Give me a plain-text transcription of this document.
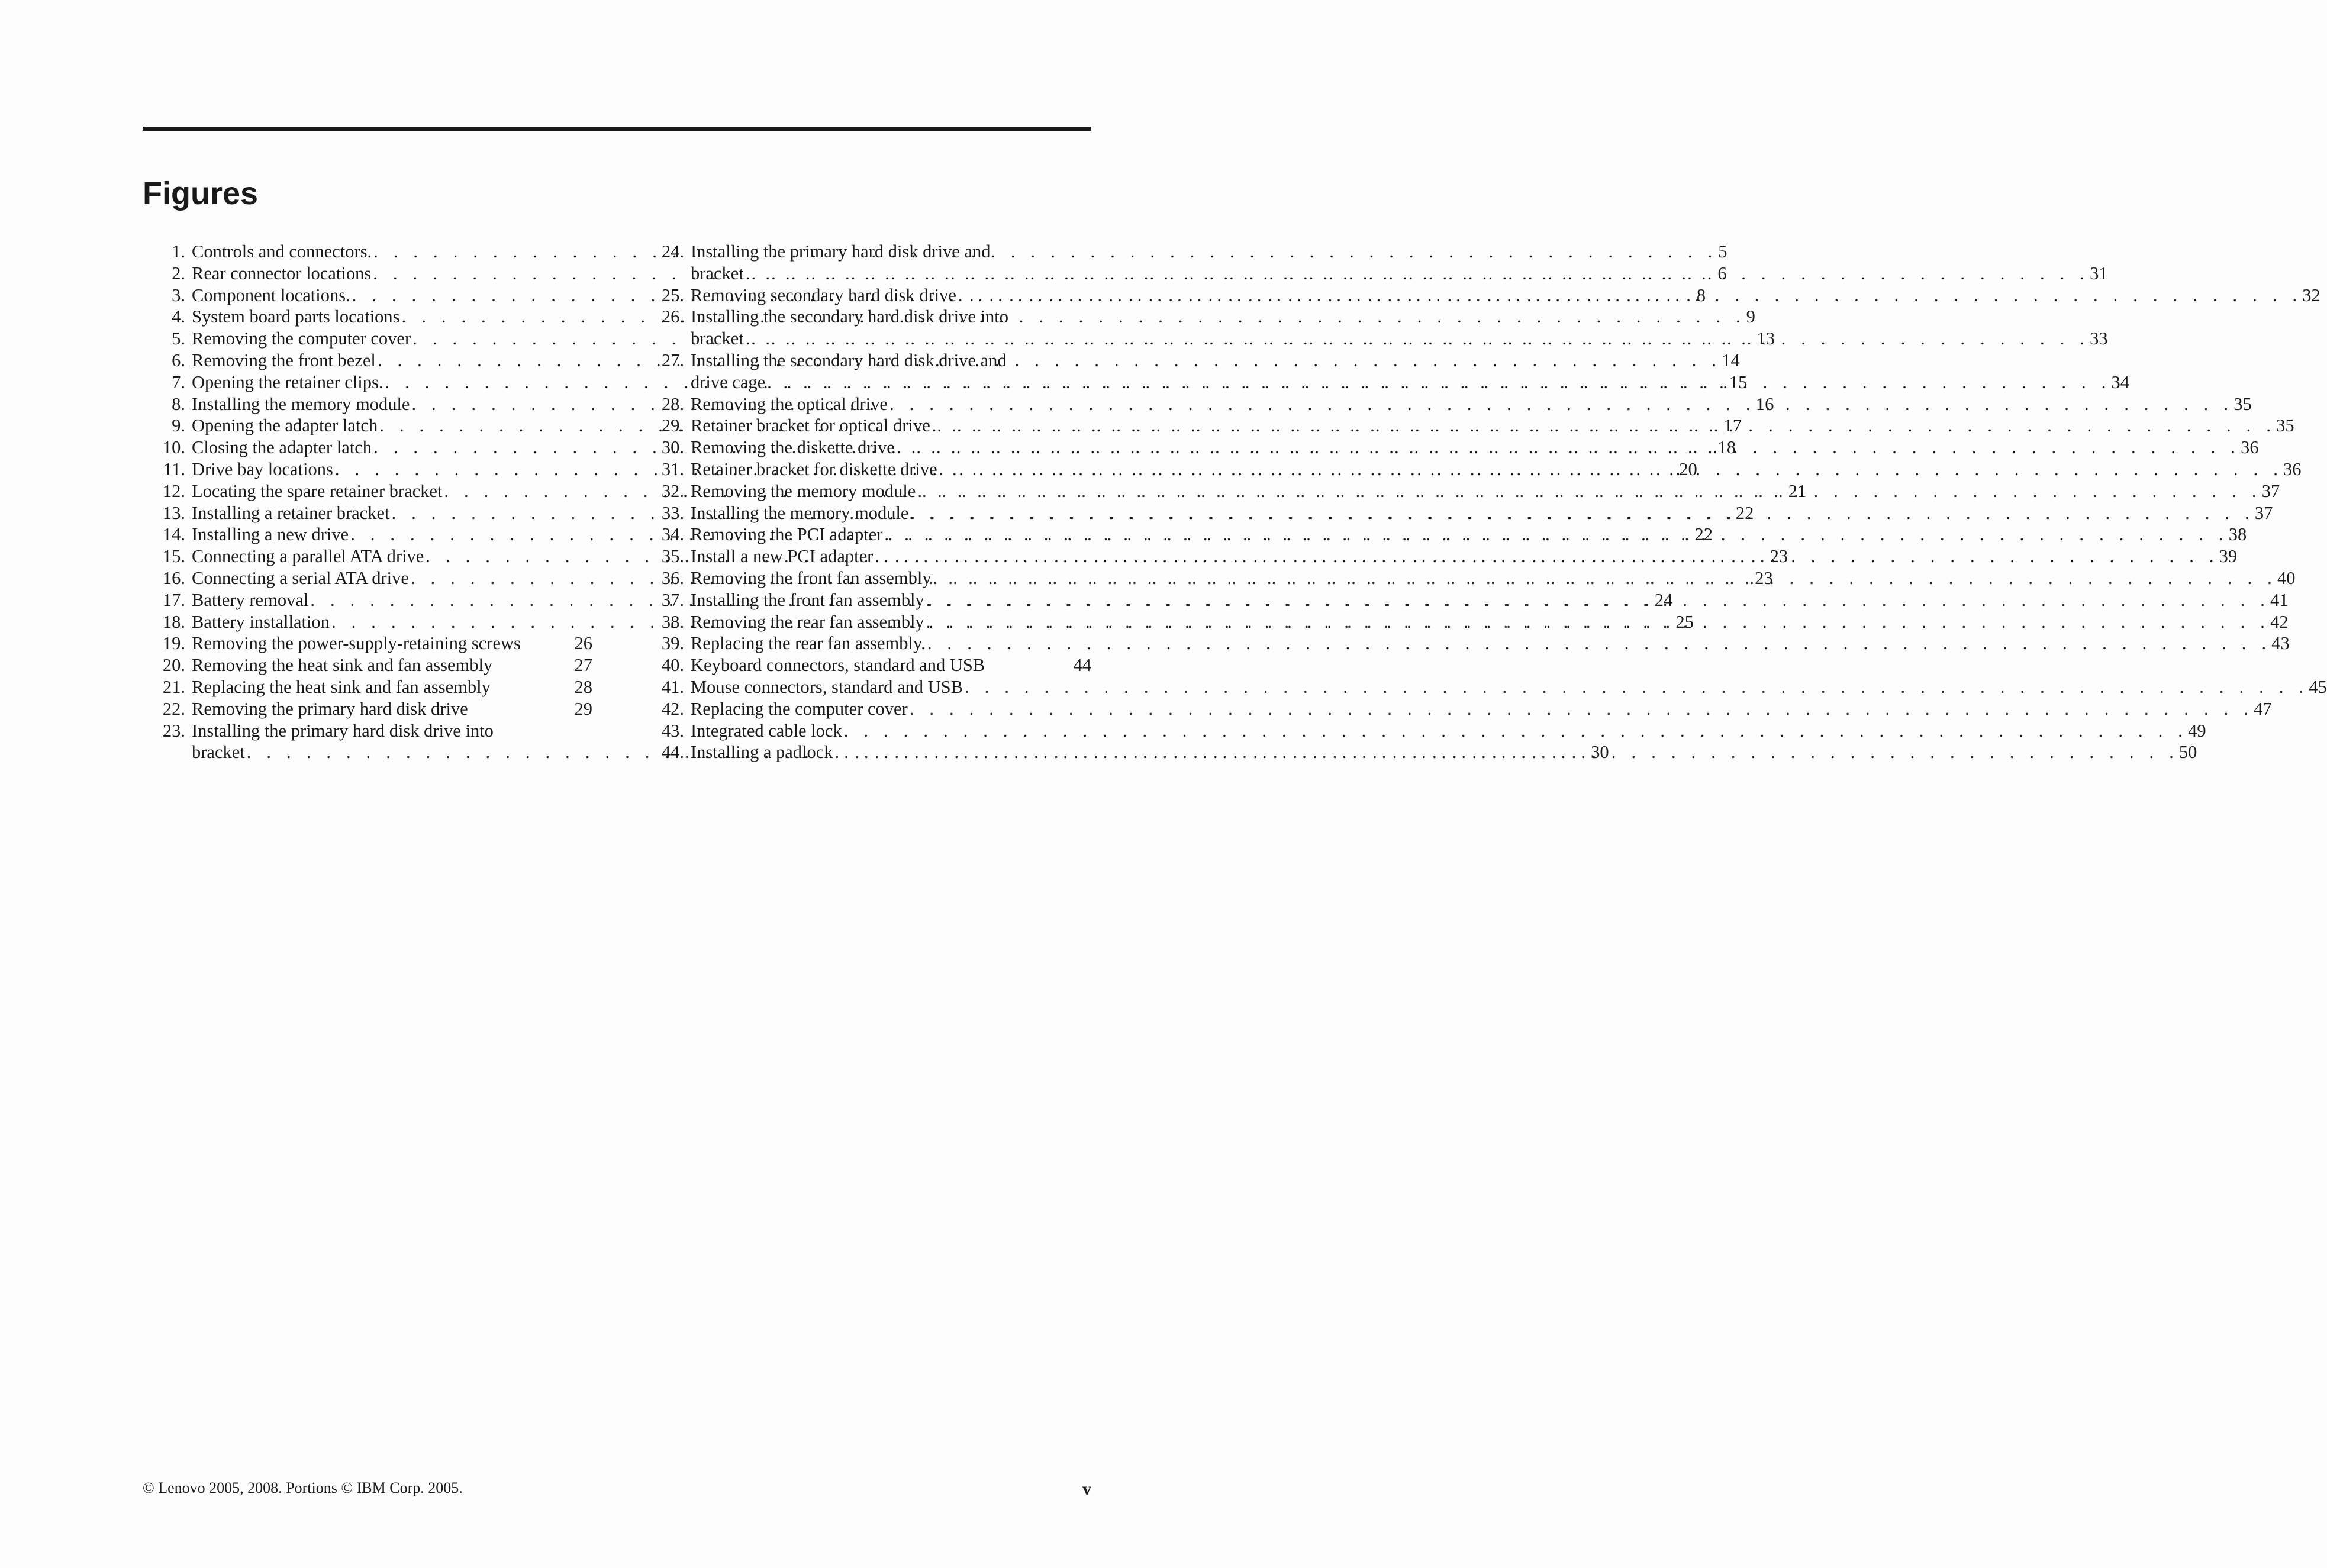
Figures
1. Controls and connectors. . . .	5
2. Rear connector locations . . .	6
3. Component locations. . . .	8
4. System board parts locations . . .	9
5. Removing the computer cover . . .	13
6. Removing the front bezel . . .	14
7. Opening the retainer clips. . . .	15
8. Installing the memory module . . .	16
9. Opening the adapter latch . . .	17
10. Closing the adapter latch . . .	18
11. Drive bay locations . . .	20
12. Locating the spare retainer bracket . . .	21
13. Installing a retainer bracket . . .	22
14. Installing a new drive . . .	22
15. Connecting a parallel ATA drive . . .	23
16. Connecting a serial ATA drive . . .	23
17. Battery removal . . .	24
18. Battery installation . . .	25
19. Removing the power-supply-retaining screws	26
20. Removing the heat sink and fan assembly	27
21. Replacing the heat sink and fan assembly	28
22. Removing the primary hard disk drive	29
23. Installing the primary hard disk drive into
bracket . . .	30
24. Installing the primary hard disk drive and
bracket . . .	31
25. Removing secondary hard disk drive . . .	32
26. Installing the secondary hard disk drive into
bracket . . .	33
27. Installing the secondary hard disk drive and
drive cage . . .	34
28. Removing the optical drive . . .	35
29. Retainer bracket for optical drive . . .	35
30. Removing the diskette drive . . .	36
31. Retainer bracket for diskette drive . . .	36
32. Removing the memory module . . .	37
33. Installing the memory module . . .	37
34. Removing the PCI adapter . . .	38
35. Install a new PCI adapter . . .	39
36. Removing the front fan assembly . . .	40
37. Installing the front fan assembly . . .	41
38. Removing the rear fan assembly . . .	42
39. Replacing the rear fan assembly. . . .	43
40. Keyboard connectors, standard and USB	44
41. Mouse connectors, standard and USB . . .	45
42. Replacing the computer cover . . .	47
43. Integrated cable lock . . .	49
44. Installing a padlock . . .	50
© Lenovo 2005, 2008. Portions © IBM Corp. 2005.	v
